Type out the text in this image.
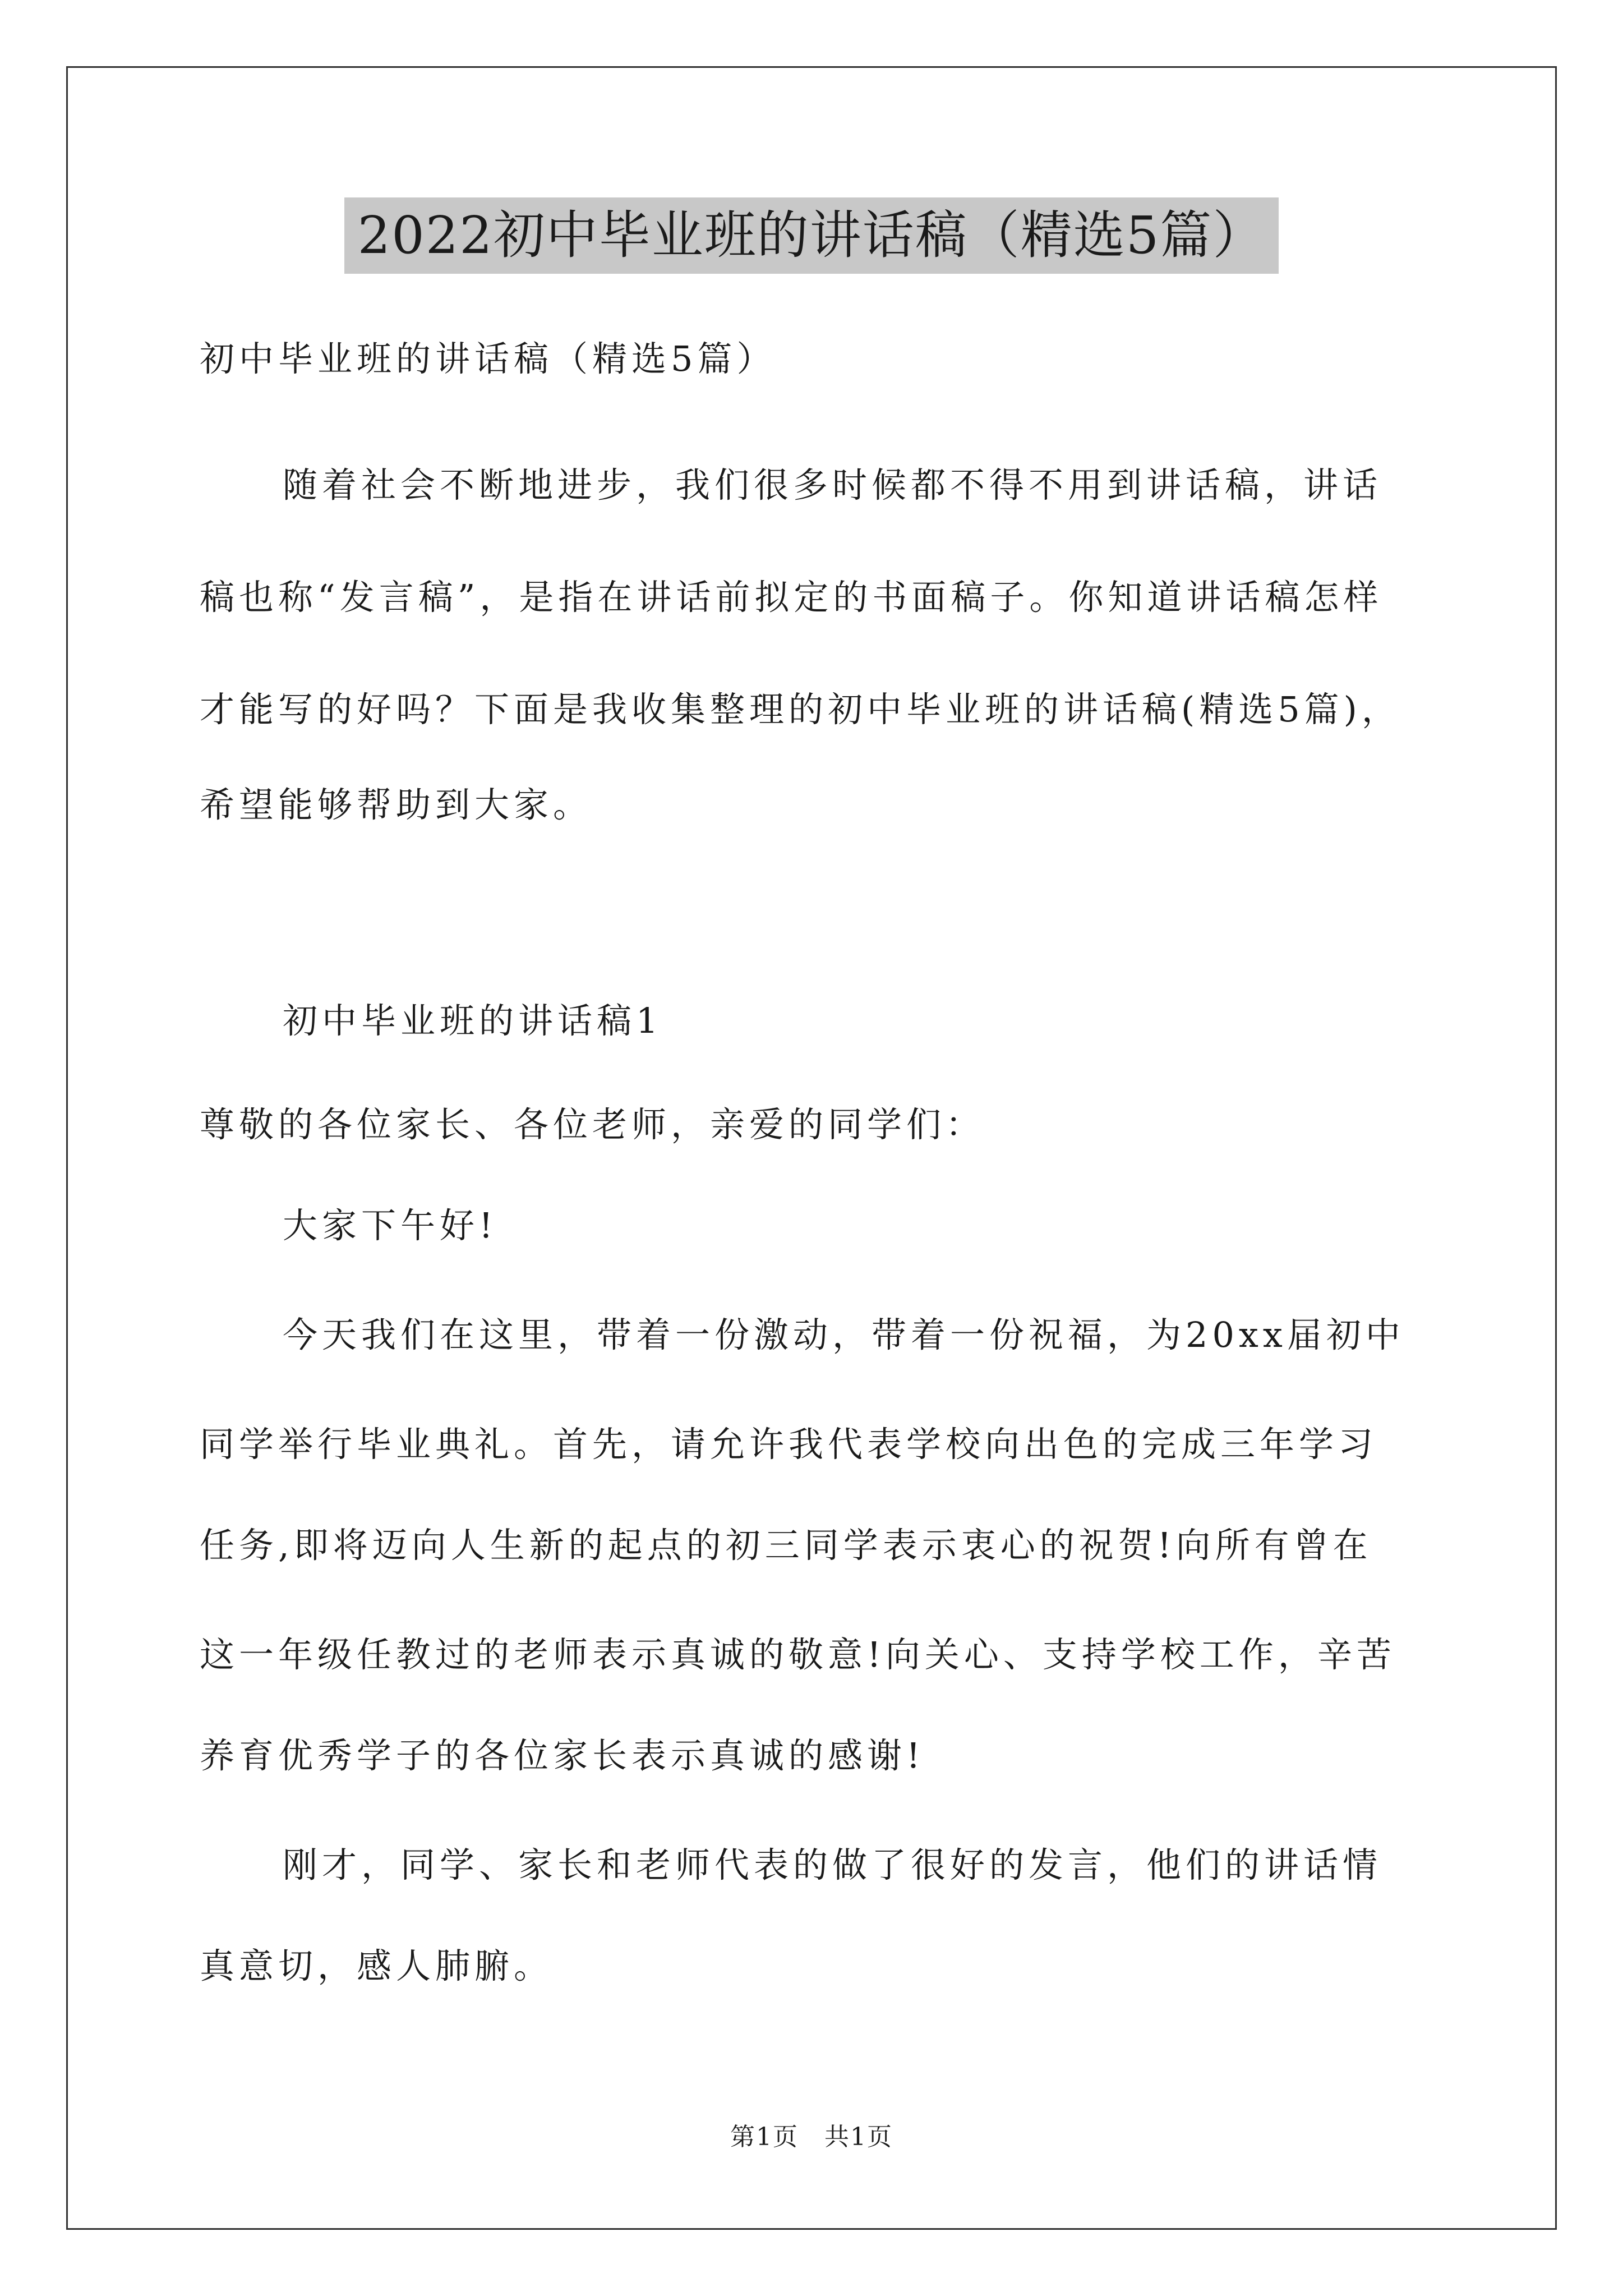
2022初中毕业班的讲话稿（精选5篇）
初中毕业班的讲话稿（精选5篇）
随着社会不断地进步，我们很多时候都不得不用到讲话稿，讲话
稿也称“发言稿”，是指在讲话前拟定的书面稿子。你知道讲话稿怎样
才能写的好吗？下面是我收集整理的初中毕业班的讲话稿(精选5篇)，
希望能够帮助到大家。
初中毕业班的讲话稿1
尊敬的各位家长、各位老师，亲爱的同学们：
大家下午好!
今天我们在这里，带着一份激动，带着一份祝福，为20xx届初中
同学举行毕业典礼。首先，请允许我代表学校向出色的完成三年学习
任务,即将迈向人生新的起点的初三同学表示衷心的祝贺!向所有曾在
这一年级任教过的老师表示真诚的敬意!向关心、支持学校工作，辛苦
养育优秀学子的各位家长表示真诚的感谢!
刚才，同学、家长和老师代表的做了很好的发言，他们的讲话情
真意切，感人肺腑。
第1页　共1页
